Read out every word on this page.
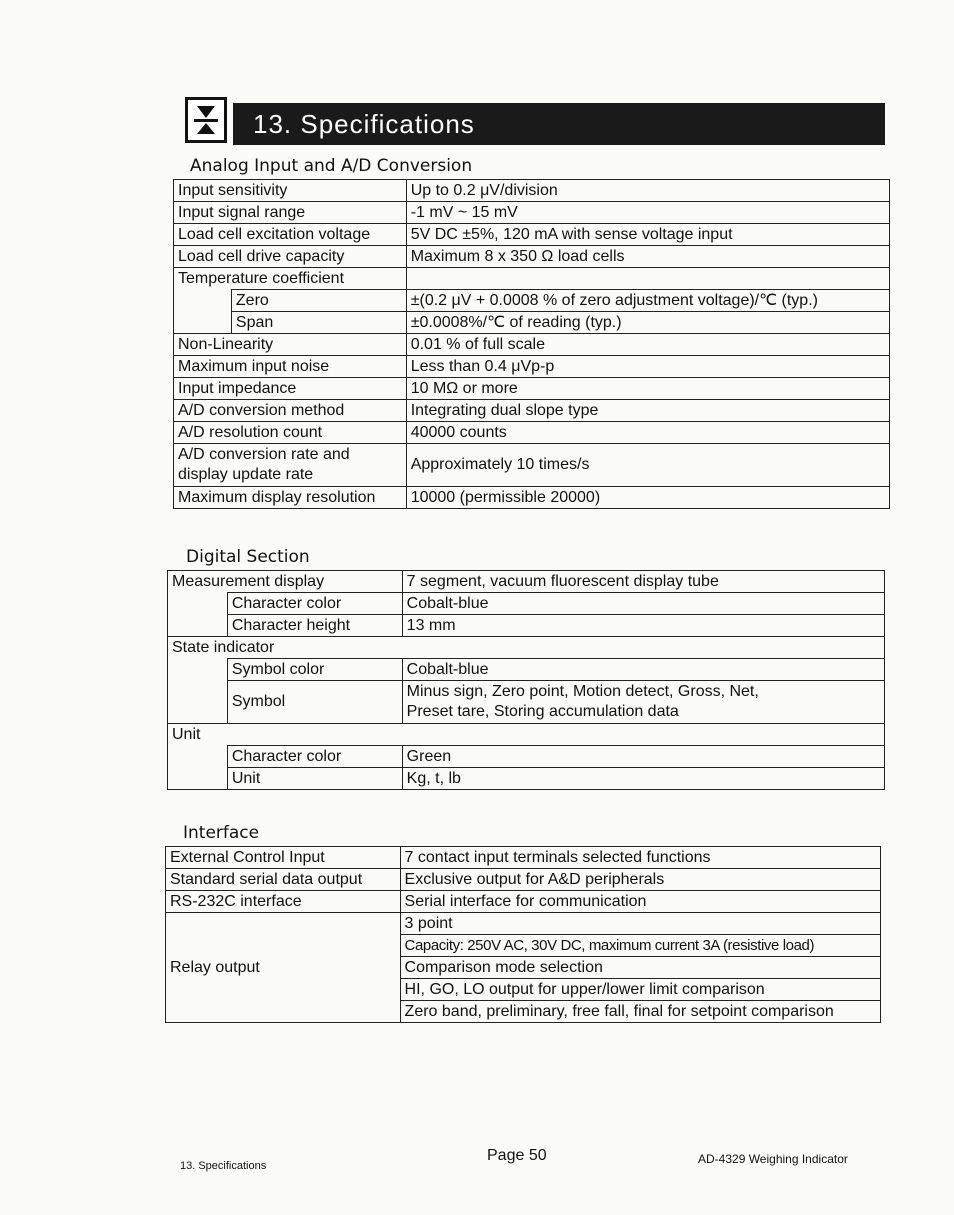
13. Specifications
Analog Input and A/D Conversion
Input sensitivity		Up to 0.2 μV/division
Input signal range		-1 mV ~ 15 mV
Load cell excitation voltage		5V DC ±5%, 120 mA with sense voltage input
Load cell drive capacity		Maximum 8 x 350 Ω load cells
Temperature coefficient		
	Zero	±(0.2 μV + 0.0008 % of zero adjustment voltage)/℃ (typ.)
	Span	±0.0008%/℃ of reading (typ.)
Non-Linearity		0.01 % of full scale
Maximum input noise		Less than 0.4 μVp-p
Input impedance		10 MΩ or more
A/D conversion method		Integrating dual slope type
A/D resolution count		40000 counts

A/D conversion rate and
display update rate		Approximately 10 times/s
Maximum display resolution		10000 (permissible 20000)
Digital Section
Measurement display		7 segment, vacuum fluorescent display tube
	Character color	Cobalt-blue
	Character height	13 mm
State indicator		
	Symbol color	Cobalt-blue
	Symbol	Minus sign, Zero point, Motion detect, Gross, Net,
Preset tare, Storing accumulation data

Unit		
	Character color	Green
	Unit	Kg, t, lb
Interface
External Control Input	7 contact input terminals selected functions
Standard serial data output	Exclusive output for A&D peripherals
RS-232C interface	Serial interface for communication
Relay output	3 point
	Capacity: 250V AC, 30V DC, maximum current 3A (resistive load)
	Comparison mode selection
	HI, GO, LO output for upper/lower limit comparison
	Zero band, preliminary, free fall, final for setpoint comparison
13. Specifications
Page 50	AD-4329 Weighing Indicator
